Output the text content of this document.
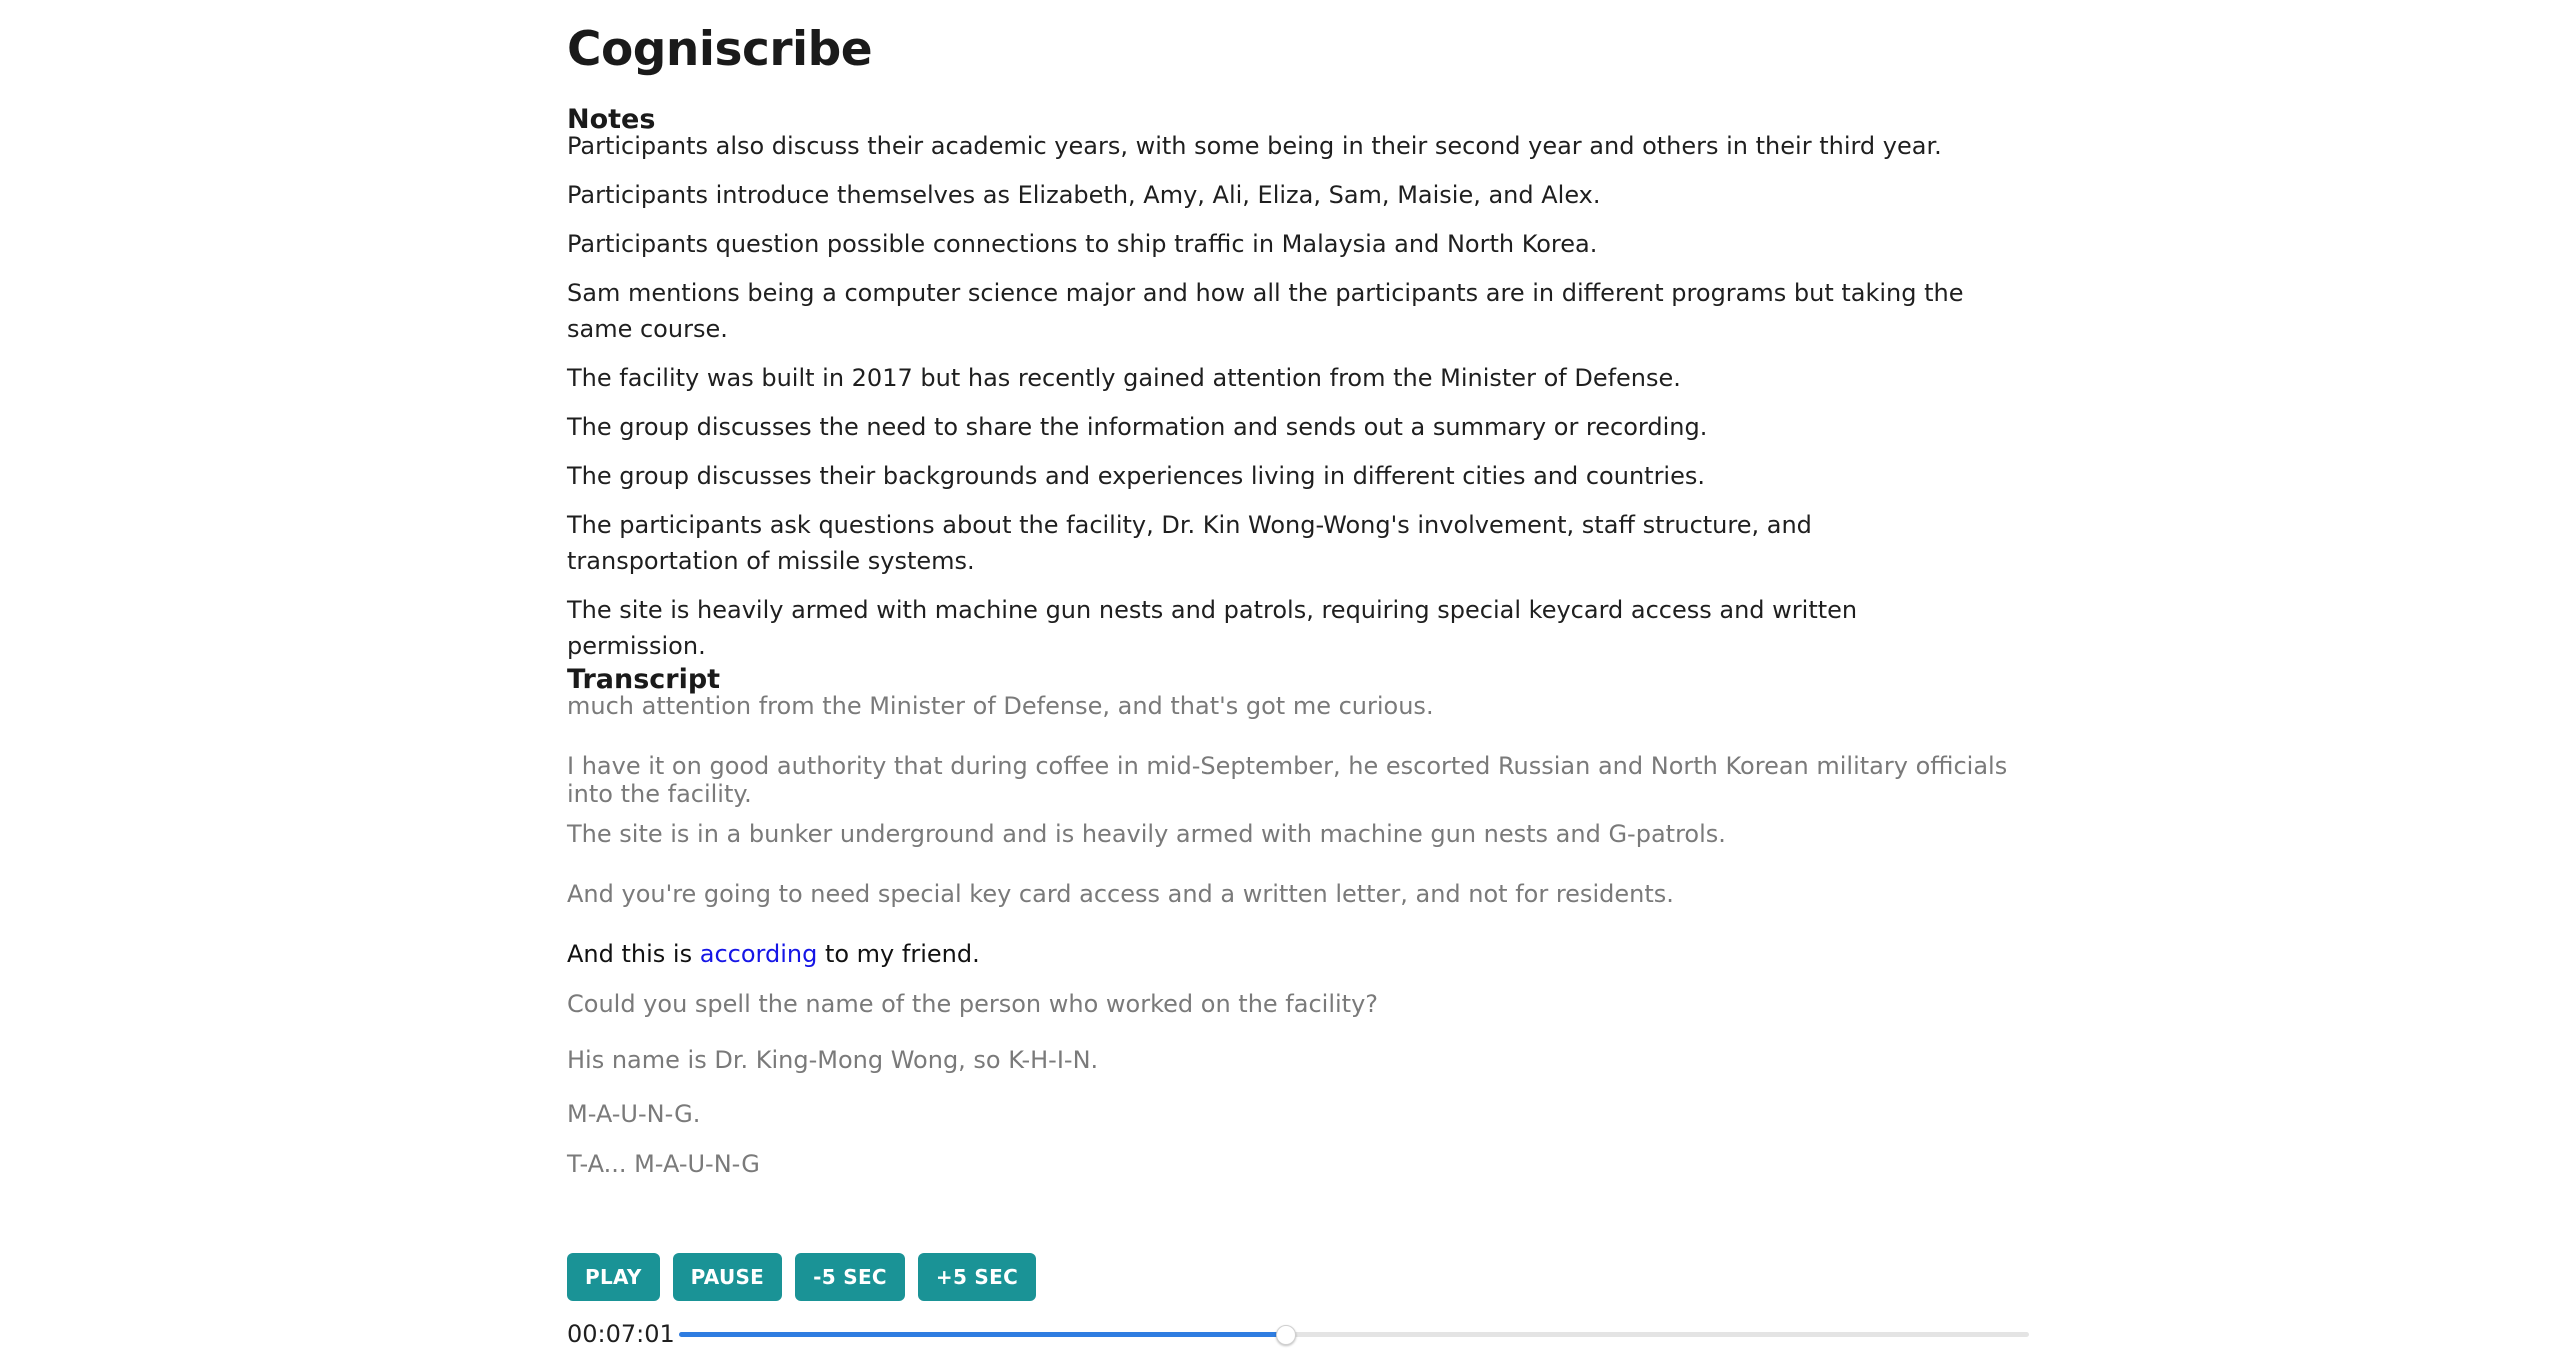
Cogniscribe
Notes

Participants also discuss their academic years, with some being in their second year and others in their third year.

Participants introduce themselves as Elizabeth, Amy, Ali, Eliza, Sam, Maisie, and Alex.

Participants question possible connections to ship traffic in Malaysia and North Korea.

Sam mentions being a computer science major and how all the participants are in different programs but taking the same course.

The facility was built in 2017 but has recently gained attention from the Minister of Defense.

The group discusses the need to share the information and sends out a summary or recording.

The group discusses their backgrounds and experiences living in different cities and countries.

The participants ask questions about the facility, Dr. Kin Wong-Wong's involvement, staff structure, and transportation of missile systems.

The site is heavily armed with machine gun nests and patrols, requiring special keycard access and written permission.

Transcript

much attention from the Minister of Defense, and that's got me curious.

I have it on good authority that during coffee in mid-September, he escorted Russian and North Korean military officials into the facility.

The site is in a bunker underground and is heavily armed with machine gun nests and G-patrols.

And you're going to need special key card access and a written letter, and not for residents.

And this is according to my friend.

Could you spell the name of the person who worked on the facility?

His name is Dr. King-Mong Wong, so K-H-I-N.

M-A-U-N-G.

T-A... M-A-U-N-G

PLAY	PAUSE	-5 SEC	+5 SEC
00:07:01
